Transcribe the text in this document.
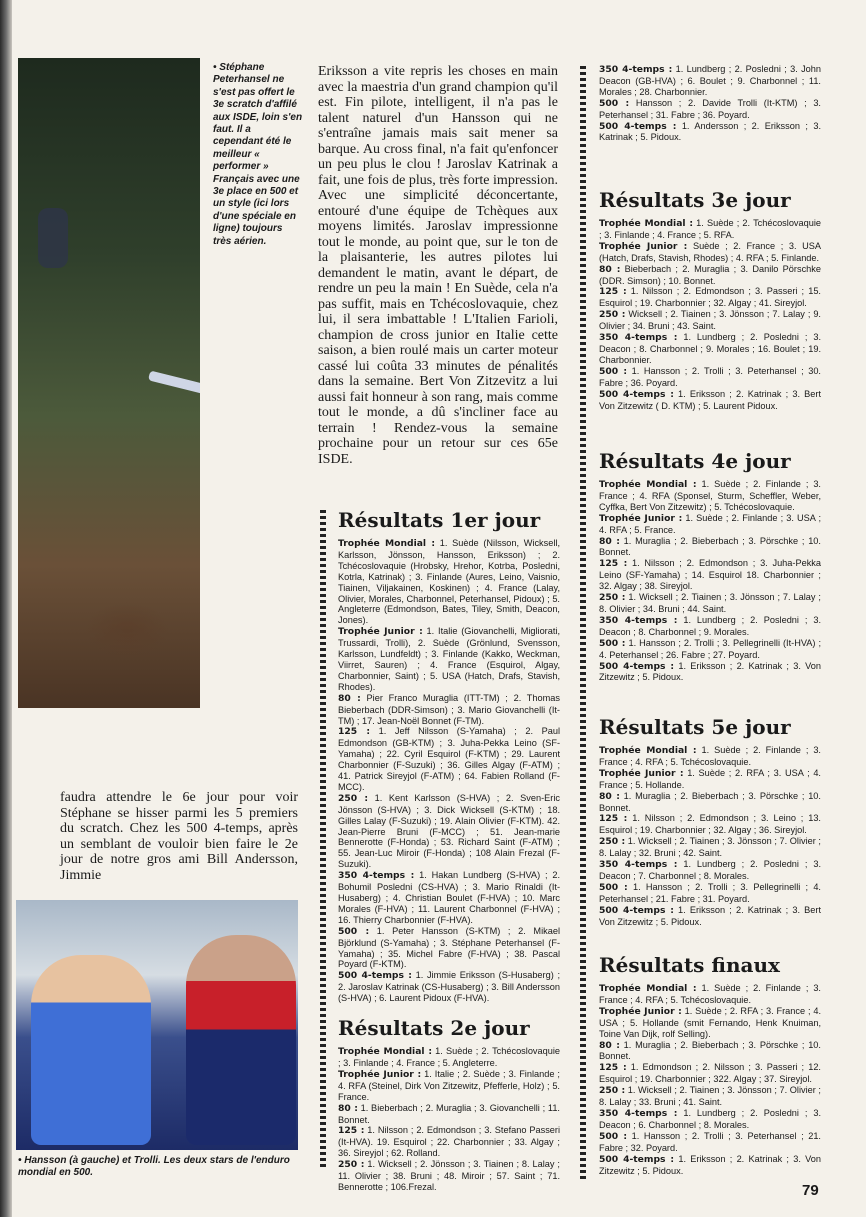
• Stéphane Peterhansel ne s'est pas offert le 3e scratch d'affilé aux ISDE, loin s'en faut. Il a cependant été le meilleur « performer » Français avec une 3e place en 500 et un style (ici lors d'une spéciale en ligne) toujours très aérien.

Eriksson a vite repris les choses en main avec la maestria d'un grand champion qu'il est. Fin pilote, intelligent, il n'a pas le talent naturel d'un Hansson qui ne s'entraîne jamais mais sait mener sa barque. Au cross final, n'a fait qu'enfoncer un peu plus le clou ! Jaroslav Katrinak a fait, une fois de plus, très forte impression. Avec une simplicité déconcertante, entouré d'une équipe de Tchèques aux moyens limités. Jaroslav impressionne tout le monde, au point que, sur le ton de la plaisanterie, les autres pilotes lui demandent le matin, avant le départ, de rendre un peu la main ! En Suède, cela n'a pas suffit, mais en Tchécoslovaquie, chez lui, il sera imbattable ! L'Italien Farioli, champion de cross junior en Italie cette saison, a bien roulé mais un carter moteur cassé lui coûta 33 minutes de pénalités dans la semaine. Bert Von Zitzevitz a lui aussi fait honneur à son rang, mais comme tout le monde, a dû s'incliner face au terrain ! Rendez-vous la semaine prochaine pour un retour sur ces 65e ISDE.

Résultats 1er jour

Trophée Mondial : 1. Suède (Nilsson, Wicksell, Karlsson, Jönsson, Hansson, Eriksson) ; 2. Tchécoslovaquie (Hrobsky, Hrehor, Kotrba, Posledni, Kotrla, Katrinak) ; 3. Finlande (Aures, Leino, Vaisnio, Tiainen, Viljakainen, Koskinen) ; 4. France (Lalay, Olivier, Morales, Charbonnel, Peterhansel, Pidoux) ; 5. Angleterre (Edmondson, Bates, Tiley, Smith, Deacon, Jones).

Trophée Junior : 1. Italie (Giovanchelli, Migliorati, Trussardi, Trolli), 2. Suède (Grönlund, Svensson, Karlsson, Lundfeldt) ; 3. Finlande (Kakko, Weckman, Viirret, Sauren) ; 4. France (Esquirol, Algay, Charbonnier, Saint) ; 5. USA (Hatch, Drafs, Stavish, Rhodes).

80 : Pier Franco Muraglia (ITT-TM) ; 2. Thomas Bieberbach (DDR-Simson) ; 3. Mario Giovanchelli (It-TM) ; 17. Jean-Noël Bonnet (F-TM).

125 : 1. Jeff Nilsson (S-Yamaha) ; 2. Paul Edmondson (GB-KTM) ; 3. Juha-Pekka Leino (SF-Yamaha) ; 22. Cyril Esquirol (F-KTM) ; 29. Laurent Charbonnier (F-Suzuki) ; 36. Gilles Algay (F-ATM) ; 41. Patrick Sireyjol (F-ATM) ; 64. Fabien Rolland (F-MCC).

250 : 1. Kent Karlsson (S-HVA) ; 2. Sven-Eric Jönsson (S-HVA) ; 3. Dick Wicksell (S-KTM) ; 18. Gilles Lalay (F-Suzuki) ; 19. Alain Olivier (F-KTM). 42. Jean-Pierre Bruni (F-MCC) ; 51. Jean-marie Bennerotte (F-Honda) ; 53. Richard Saint (F-ATM) ; 55. Jean-Luc Miroir (F-Honda) ; 108 Alain Frezal (F-Suzuki).

350 4-temps : 1. Hakan Lundberg (S-HVA) ; 2. Bohumil Posledni (CS-HVA) ; 3. Mario Rinaldi (It-Husaberg) ; 4. Christian Boulet (F-HVA) ; 10. Marc Morales (F-HVA) ; 11. Laurent Charbonnel (F-HVA) ; 16. Thierry Charbonnier (F-HVA).

500 : 1. Peter Hansson (S-KTM) ; 2. Mikael Björklund (S-Yamaha) ; 3. Stéphane Peterhansel (F-Yamaha) ; 35. Michel Fabre (F-HVA) ; 38. Pascal Poyard (F-KTM).

500 4-temps : 1. Jimmie Eriksson (S-Husaberg) ; 2. Jaroslav Katrinak (CS-Husaberg) ; 3. Bill Andersson (S-HVA) ; 6. Laurent Pidoux (F-HVA).

Résultats 2e jour

Trophée Mondial : 1. Suède ; 2. Tchécoslovaquie ; 3. Finlande ; 4. France ; 5. Angleterre.

Trophée Junior : 1. Italie ; 2. Suède ; 3. Finlande ; 4. RFA (Steinel, Dirk Von Zitzewitz, Pfefferle, Holz) ; 5. France.

80 : 1. Bieberbach ; 2. Muraglia ; 3. Giovanchelli ; 11. Bonnet.

125 : 1. Nilsson ; 2. Edmondson ; 3. Stefano Passeri (It-HVA). 19. Esquirol ; 22. Charbonnier ; 33. Algay ; 36. Sireyjol ; 62. Rolland.

250 : 1. Wicksell ; 2. Jönsson ; 3. Tiainen ; 8. Lalay ; 11. Olivier ; 38. Bruni ; 48. Miroir ; 57. Saint ; 71. Bennerotte ; 106.Frezal.

350 4-temps : 1. Lundberg ; 2. Posledni ; 3. John Deacon (GB-HVA) ; 6. Boulet ; 9. Charbonnel ; 11. Morales ; 28. Charbonnier.

500 : Hansson ; 2. Davide Trolli (It-KTM) ; 3. Peterhansel ; 31. Fabre ; 36. Poyard.

500 4-temps : 1. Andersson ; 2. Eriksson ; 3. Katrinak ; 5. Pidoux.

Résultats 3e jour

Trophée Mondial : 1. Suède ; 2. Tchécoslovaquie ; 3. Finlande ; 4. France ; 5. RFA.

Trophée Junior : Suède ; 2. France ; 3. USA (Hatch, Drafs, Stavish, Rhodes) ; 4. RFA ; 5. Finlande.

80 : Bieberbach ; 2. Muraglia ; 3. Danilo Pörschke (DDR. Simson) ; 10. Bonnet.

125 : 1. Nilsson ; 2. Edmondson ; 3. Passeri ; 15. Esquirol ; 19. Charbonnier ; 32. Algay ; 41. Sireyjol.

250 : Wicksell ; 2. Tiainen ; 3. Jönsson ; 7. Lalay ; 9. Olivier ; 34. Bruni ; 43. Saint.

350 4-temps : 1. Lundberg ; 2. Posledni ; 3. Deacon ; 8. Charbonnel ; 9. Morales ; 16. Boulet ; 19. Charbonnier.

500 : 1. Hansson ; 2. Trolli ; 3. Peterhansel ; 30. Fabre ; 36. Poyard.

500 4-temps : 1. Eriksson ; 2. Katrinak ; 3. Bert Von Zitzewitz ( D. KTM) ; 5. Laurent Pidoux.

Résultats 4e jour

Trophée Mondial : 1. Suède ; 2. Finlande ; 3. France ; 4. RFA (Sponsel, Sturm, Scheffler, Weber, Cyffka, Bert Von Zitzewitz) ; 5. Tchécoslovaquie.

Trophée Junior : 1. Suède ; 2. Finlande ; 3. USA ; 4. RFA ; 5. France.

80 : 1. Muraglia ; 2. Bieberbach ; 3. Pörschke ; 10. Bonnet.

125 : 1. Nilsson ; 2. Edmondson ; 3. Juha-Pekka Leino (SF-Yamaha) ; 14. Esquirol 18. Charbonnier ; 32. Algay ; 38. Sireyjol.

250 : 1. Wicksell ; 2. Tiainen ; 3. Jönsson ; 7. Lalay ; 8. Olivier ; 34. Bruni ; 44. Saint.

350 4-temps : 1. Lundberg ; 2. Posledni ; 3. Deacon ; 8. Charbonnel ; 9. Morales.

500 : 1. Hansson ; 2. Trolli ; 3. Pellegrinelli (It-HVA) ; 4. Peterhansel ; 26. Fabre ; 27. Poyard.

500 4-temps : 1. Eriksson ; 2. Katrinak ; 3. Von Zitzewitz ; 5. Pidoux.

Résultats 5e jour

Trophée Mondial : 1. Suède ; 2. Finlande ; 3. France ; 4. RFA ; 5. Tchécoslovaquie.

Trophée Junior : 1. Suède ; 2. RFA ; 3. USA ; 4. France ; 5. Hollande.

80 : 1. Muraglia ; 2. Bieberbach ; 3. Pörschke ; 10. Bonnet.

125 : 1. Nilsson ; 2. Edmondson ; 3. Leino ; 13. Esquirol ; 19. Charbonnier ; 32. Algay ; 36. Sireyjol.

250 : 1. Wicksell ; 2. Tiainen ; 3. Jönsson ; 7. Olivier ; 8. Lalay ; 32. Bruni ; 42. Saint.

350 4-temps : 1. Lundberg ; 2. Posledni ; 3. Deacon ; 7. Charbonnel ; 8. Morales.

500 : 1. Hansson ; 2. Trolli ; 3. Pellegrinelli ; 4. Peterhansel ; 21. Fabre ; 31. Poyard.

500 4-temps : 1. Eriksson ; 2. Katrinak ; 3. Bert Von Zitzewitz ; 5. Pidoux.

Résultats finaux

Trophée Mondial : 1. Suède ; 2. Finlande ; 3. France ; 4. RFA ; 5. Tchécoslovaquie.

Trophée Junior : 1. Suède ; 2. RFA ; 3. France ; 4. USA ; 5. Hollande (smit Fernando, Henk Knuiman, Toine Van Dijk, rolf Selling).

80 : 1. Muraglia ; 2. Bieberbach ; 3. Pörschke ; 10. Bonnet.

125 : 1. Edmondson ; 2. Nilsson ; 3. Passeri ; 12. Esquirol ; 19. Charbonnier ; 322. Algay ; 37. Sireyjol.

250 : 1. Wicksell ; 2. Tiainen ; 3. Jönsson ; 7. Olivier ; 8. Lalay ; 33. Bruni ; 41. Saint.

350 4-temps : 1. Lundberg ; 2. Posledni ; 3. Deacon ; 6. Charbonnel ; 8. Morales.

500 : 1. Hansson ; 2. Trolli ; 3. Peterhansel ; 21. Fabre ; 32. Poyard.

500 4-temps : 1. Eriksson ; 2. Katrinak ; 3. Von Zitzewitz ; 5. Pidoux.

faudra attendre le 6e jour pour voir Stéphane se hisser parmi les 5 premiers du scratch. Chez les 500 4-temps, après un semblant de vouloir bien faire le 2e jour de notre gros ami Bill Andersson, Jimmie

• Hansson (à gauche) et Trolli. Les deux stars de l'enduro mondial en 500.
79
